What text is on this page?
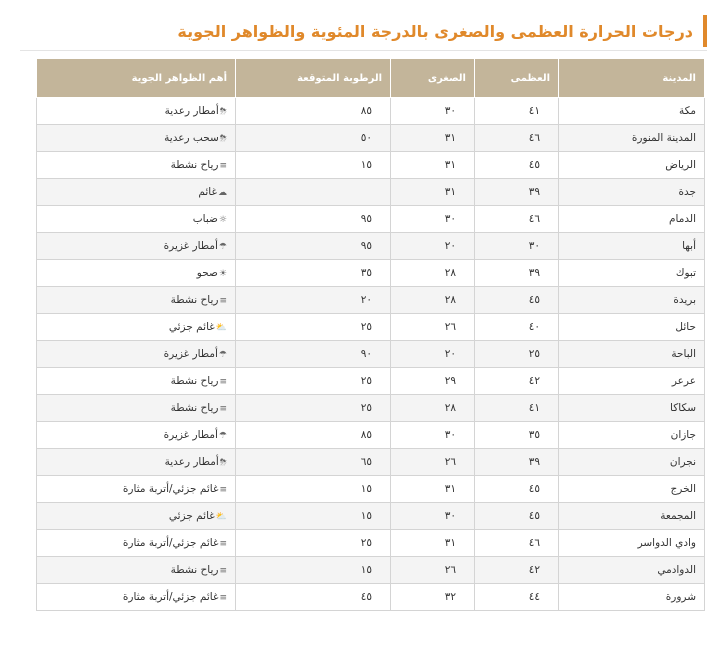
درجات الحرارة العظمى والصغرى بالدرجة المئوية والظواهر الجوية
المدينة	العظمى	الصغرى	الرطوبة المتوقعة	أهم الظواهر الجوية
مكة	٤١	٣٠	٨٥	⛈أمطار رعدية
المدينة المنورة	٤٦	٣١	٥٠	⛈سحب رعدية
الرياض	٤٥	٣١	١٥	≡رياح نشطة
جدة	٣٩	٣١		☁غائم
الدمام	٤٦	٣٠	٩٥	☼ضباب
أبها	٣٠	٢٠	٩٥	☂أمطار غزيرة
تبوك	٣٩	٢٨	٣٥	☀صحو
بريدة	٤٥	٢٨	٢٠	≡رياح نشطة
حائل	٤٠	٢٦	٢٥	⛅غائم جزئي
الباحة	٢٥	٢٠	٩٠	☂أمطار غزيرة
عرعر	٤٢	٢٩	٢٥	≡رياح نشطة
سكاكا	٤١	٢٨	٢٥	≡رياح نشطة
جازان	٣٥	٣٠	٨٥	☂أمطار غزيرة
نجران	٣٩	٢٦	٦٥	⛈أمطار رعدية
الخرج	٤٥	٣١	١٥	≡غائم جزئي/أتربة مثارة
المجمعة	٤٥	٣٠	١٥	⛅غائم جزئي
وادي الدواسر	٤٦	٣١	٢٥	≡غائم جزئي/أتربة مثارة
الدوادمي	٤٢	٢٦	١٥	≡رياح نشطة
شرورة	٤٤	٣٢	٤٥	≡غائم جزئي/أتربة مثارة
